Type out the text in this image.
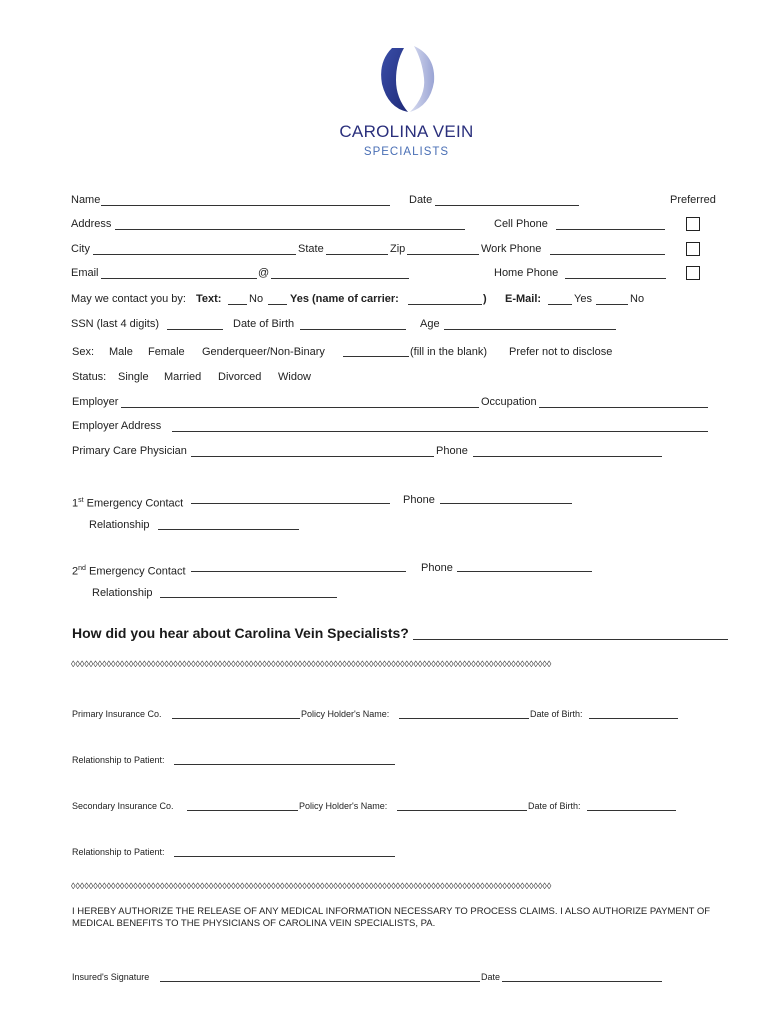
CAROLINA VEIN
SPECIALISTS
Name	Date	Preferred
Address	Cell Phone
City	State	Zip	Work Phone
Email	@	Home Phone
May we contact you by: Text:	No Yes (name of carrier:	) E-Mail:	Yes	No
SSN (last 4 digits)	Date of Birth	Age
Sex: Male Female Genderqueer/Non-Binary	(fill in the blank) Prefer not to disclose
Status: Single Married Divorced Widow
Employer	Occupation
Employer Address
Primary Care Physician	Phone
1st Emergency Contact	Phone
Relationship
2nd Emergency Contact	Phone
Relationship
How did you hear about Carolina Vein Specialists?
◊◊◊◊◊◊◊◊◊◊◊◊◊◊◊◊◊◊◊◊◊◊◊◊◊◊◊◊◊◊◊◊◊◊◊◊◊◊◊◊◊◊◊◊◊◊◊◊◊◊◊◊◊◊◊◊◊◊◊◊◊◊◊◊◊◊◊◊◊◊◊◊◊◊◊◊◊◊◊◊◊◊◊◊◊◊◊◊◊◊◊◊◊◊◊◊◊◊◊◊◊◊◊◊◊◊◊◊
Primary Insurance Co.	Policy Holder's Name:	Date of Birth:
Relationship to Patient:
Secondary Insurance Co.	Policy Holder's Name:	Date of Birth:
Relationship to Patient:
◊◊◊◊◊◊◊◊◊◊◊◊◊◊◊◊◊◊◊◊◊◊◊◊◊◊◊◊◊◊◊◊◊◊◊◊◊◊◊◊◊◊◊◊◊◊◊◊◊◊◊◊◊◊◊◊◊◊◊◊◊◊◊◊◊◊◊◊◊◊◊◊◊◊◊◊◊◊◊◊◊◊◊◊◊◊◊◊◊◊◊◊◊◊◊◊◊◊◊◊◊◊◊◊◊◊◊◊
I HEREBY AUTHORIZE THE RELEASE OF ANY MEDICAL INFORMATION NECESSARY TO PROCESS CLAIMS. I ALSO AUTHORIZE PAYMENT OF MEDICAL BENEFITS TO THE PHYSICIANS OF CAROLINA VEIN SPECIALISTS, PA.
Insured's Signature	Date
